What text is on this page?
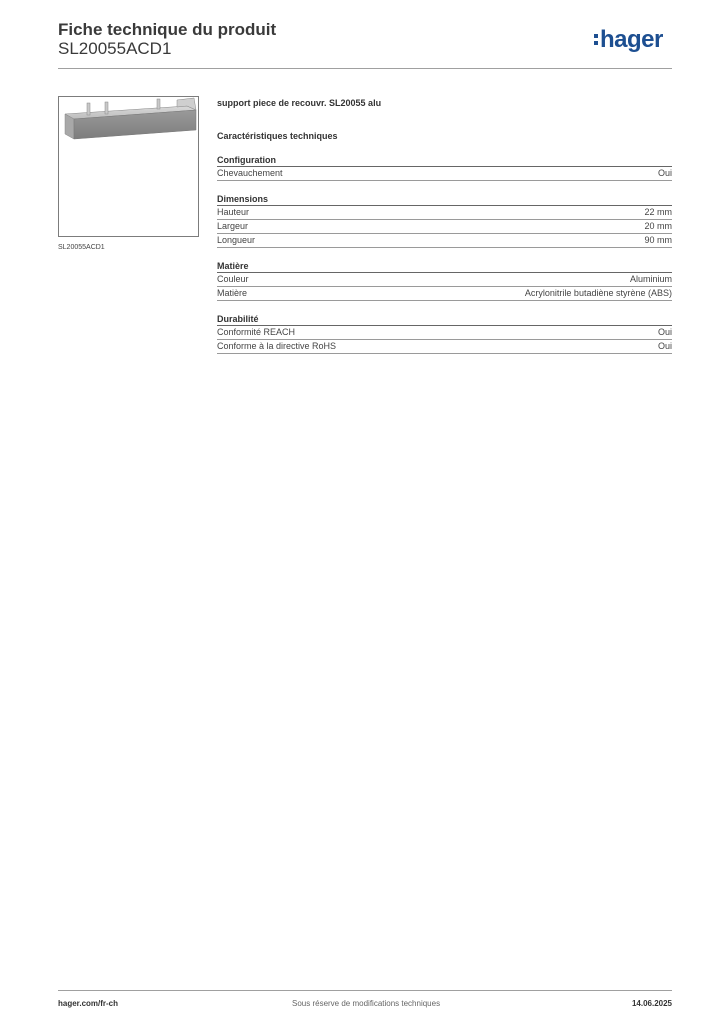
Fiche technique du produit
SL20055ACD1	hager
SL20055ACD1
support piece de recouvr. SL20055 alu
Caractéristiques techniques
Configuration
Chevauchement	Oui
Dimensions
Hauteur	22 mm
Largeur	20 mm
Longueur	90 mm
Matière
Couleur	Aluminium
Matière	Acrylonitrile butadiène styrène (ABS)
Durabilité
Conformité REACH	Oui
Conforme à la directive RoHS	Oui
hager.com/fr-ch	Sous réserve de modifications techniques	14.06.2025
